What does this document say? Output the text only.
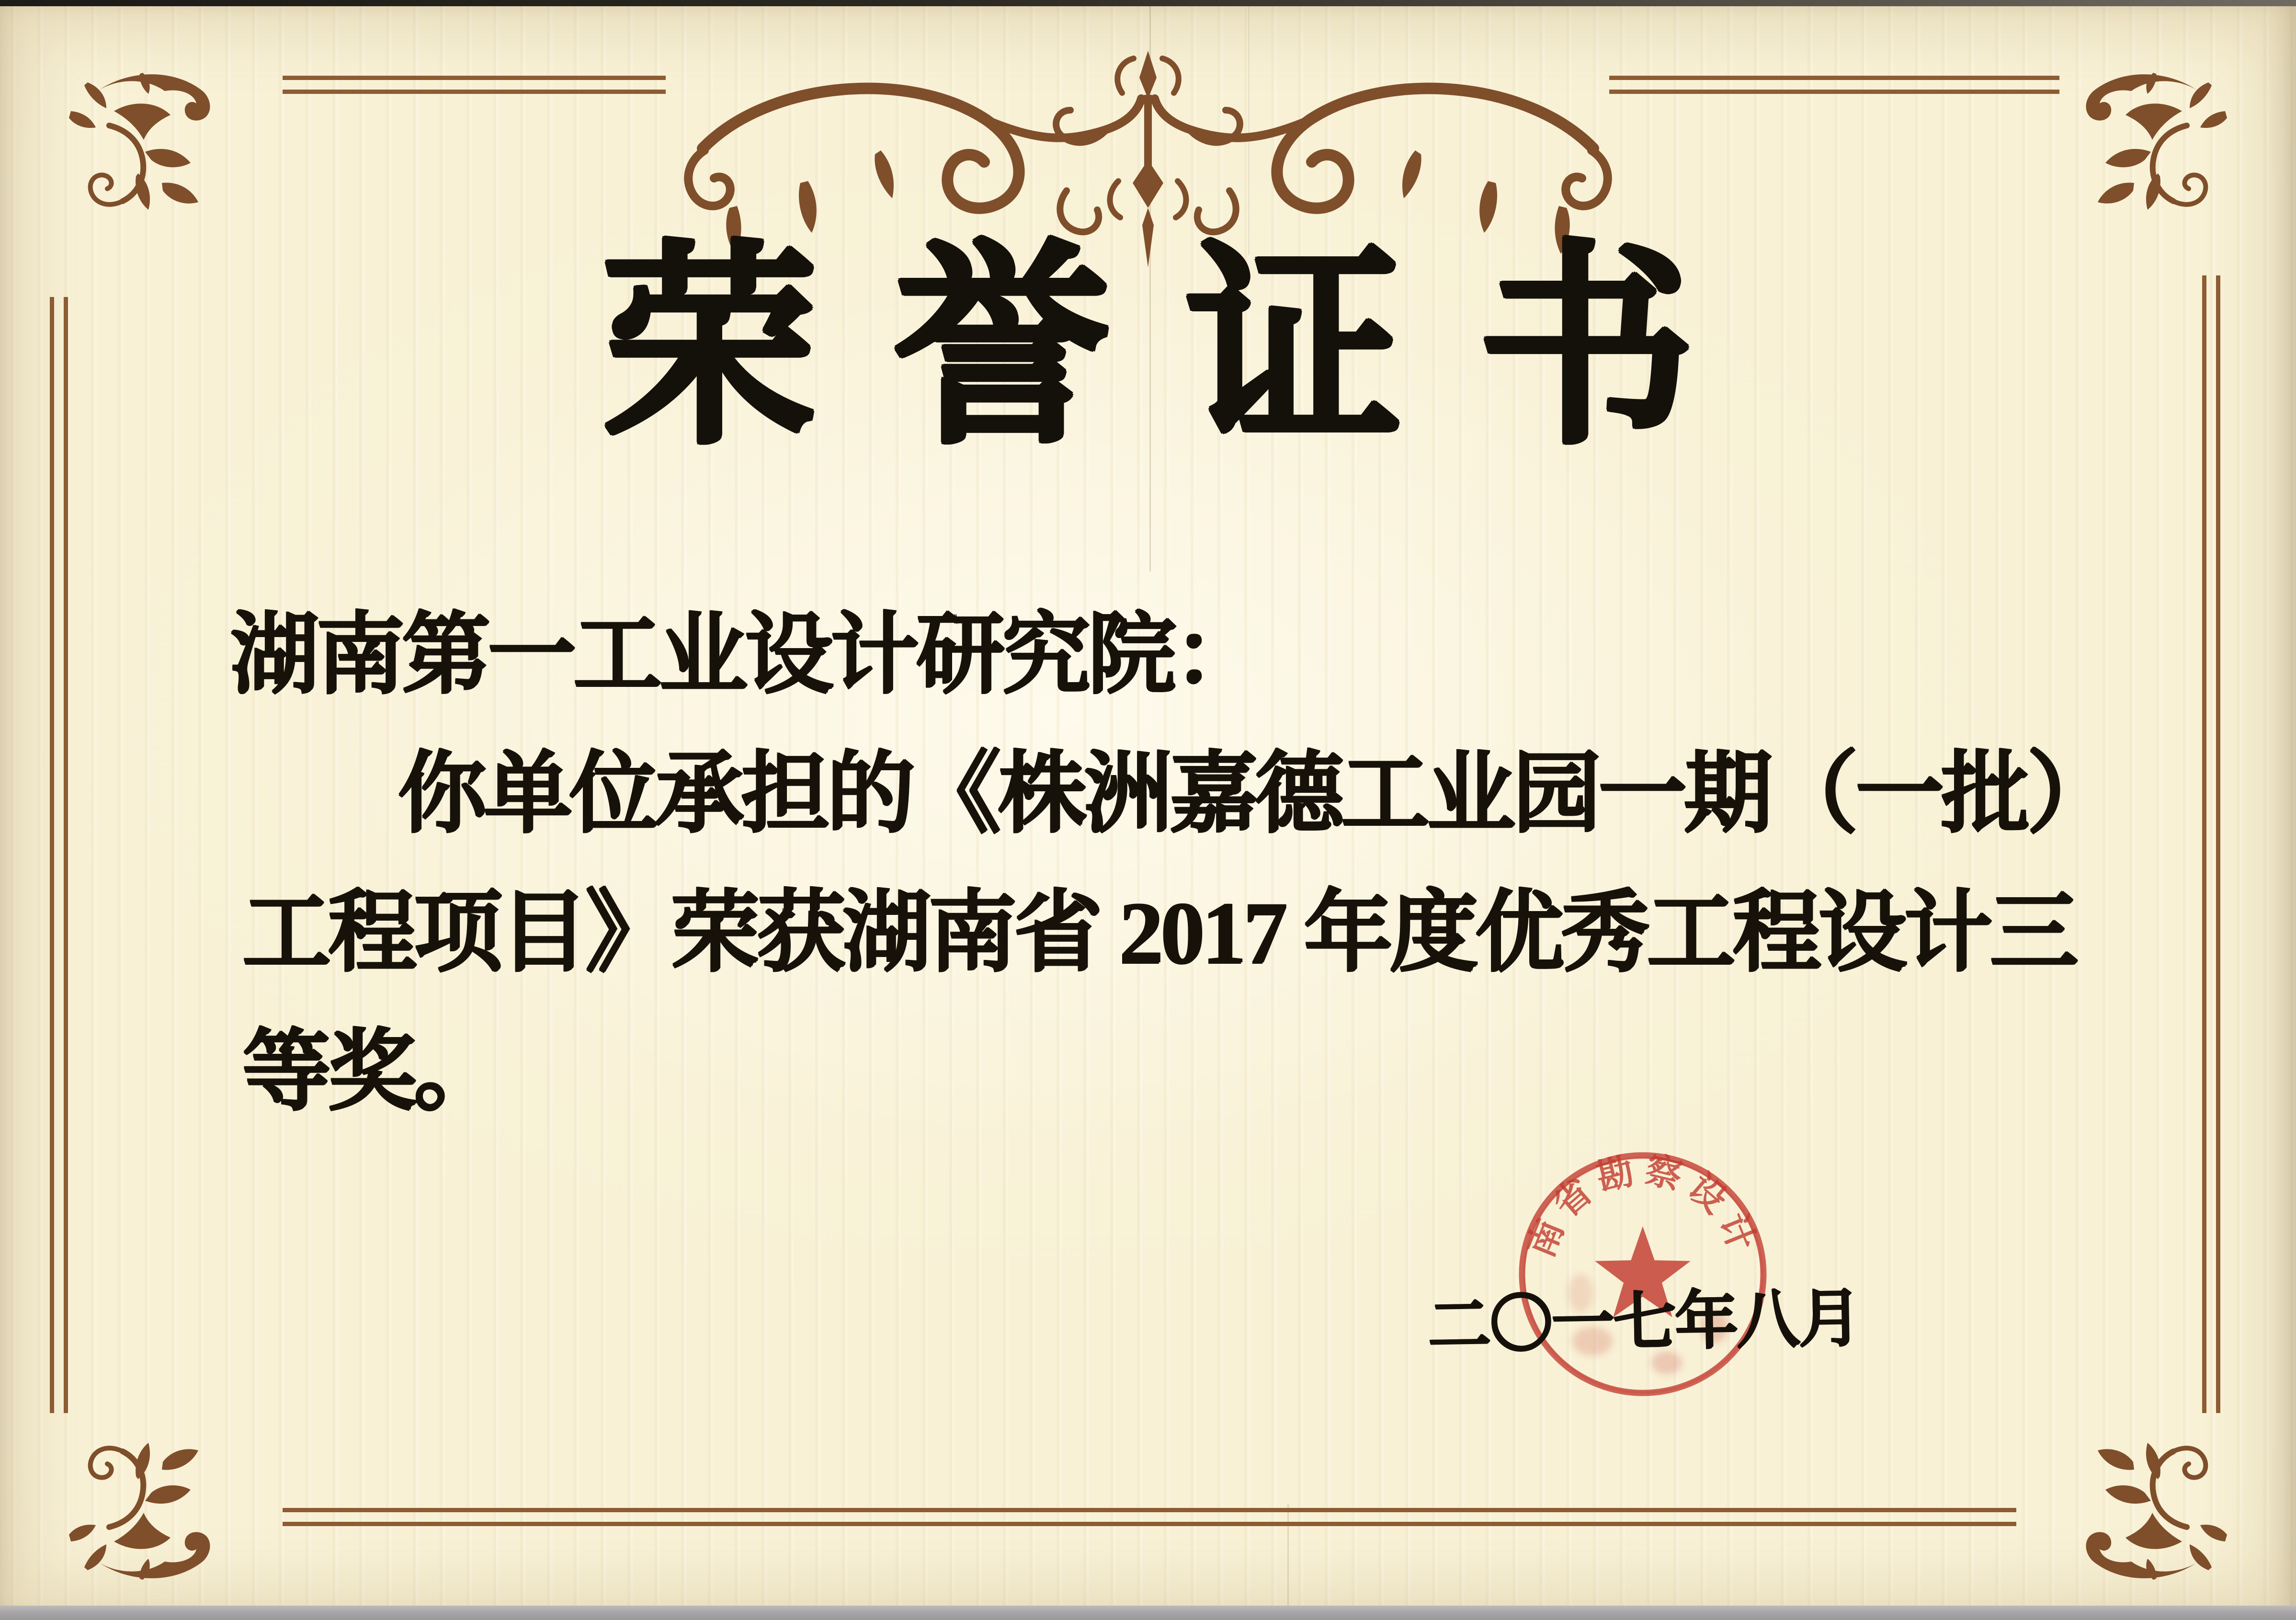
荣誉证书
湖南第一工业设计研究院：
你单位承担的《株洲嘉德工业园一期（一批）
工程项目》荣获湖南省 2017 年度优秀工程设计三
等奖。
南省勘察设计
二〇一七年八月
